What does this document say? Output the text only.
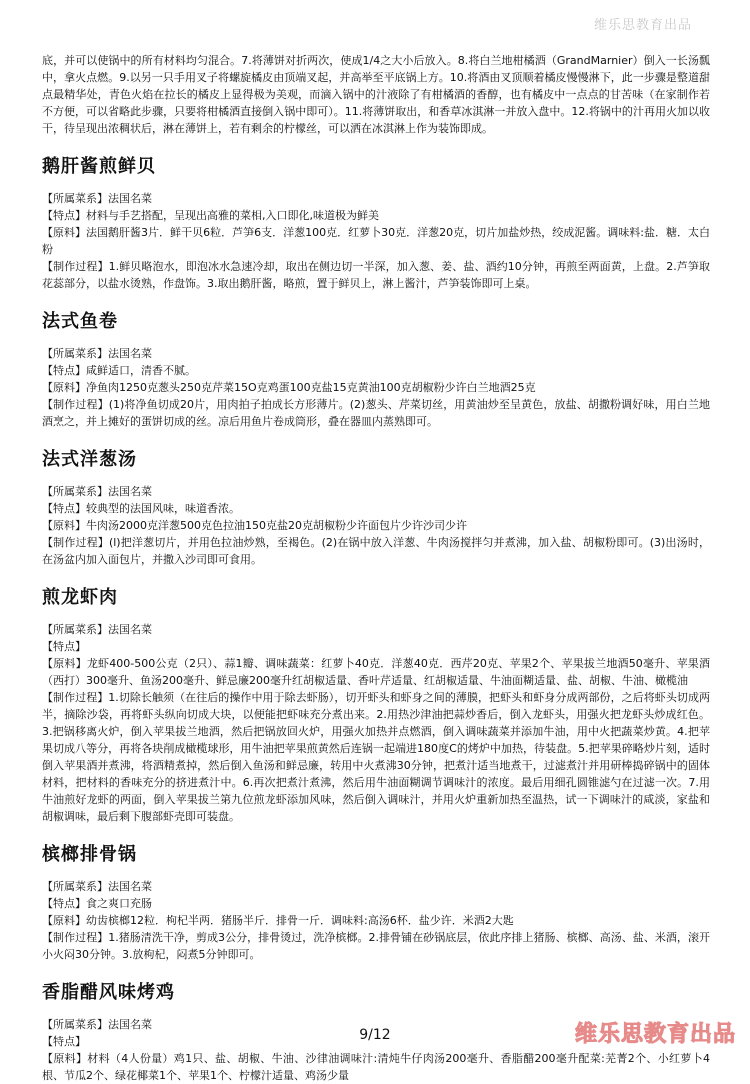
维乐思教育出品

底，并可以使锅中的所有材料均匀混合。7.将薄饼对折两次，使成1/4之大小后放入。8.将白兰地柑橘酒（GrandMarnier）倒入一长汤瓢中，拿火点燃。9.以另一只手用叉子将螺旋橘皮由顶端叉起，并高举至平底锅上方。10.将酒由叉顶顺着橘皮慢慢淋下，此一步骤是整道甜点最精华处，青色火焰在拉长的橘皮上显得极为美观，而滴入锅中的汁液除了有柑橘酒的香醇，也有橘皮中一点点的甘苦味（在家制作若不方便，可以省略此步骤，只要将柑橘酒直接倒入锅中即可）。11.将薄饼取出，和香草冰淇淋一并放入盘中。12.将锅中的汁再用火加以收干，待呈现出浓稠状后，淋在薄饼上，若有剩余的柠檬丝，可以洒在冰淇淋上作为装饰即成。

鹅肝酱煎鲜贝

【所属菜系】法国名菜

【特点】材料与手艺搭配，呈现出高雅的菜相,入口即化,味道极为鲜美

【原料】法国鹅肝酱3片．鲜干贝6粒．芦笋6支．洋葱100克．红萝卜30克．洋葱20克，切片加盐炒热，绞成泥酱。调味料:盐．糖．太白粉

【制作过程】1.鲜贝略泡水，即泡冰水急速冷却，取出在侧边切一半深，加入葱、姜、盐、酒约10分钟，再煎至两面黄，上盘。2.芦笋取花蕊部分，以盐水烫熟，作盘饰。3.取出鹅肝酱，略煎，置于鲜贝上，淋上酱汁，芦笋装饰即可上桌。

法式鱼卷

【所属菜系】法国名菜

【特点】咸鲜适口，清香不腻。

【原料】净鱼肉1250克葱头250克芹菜15O克鸡蛋100克盐15克黄油100克胡椒粉少许白兰地酒25克

【制作过程】(1)将净鱼切成20片，用肉拍子拍成长方形薄片。(2)葱头、芹菜切丝，用黄油炒至呈黄色，放盐、胡撒粉调好味，用白兰地酒烹之，并上摊好的蛋饼切成的丝。凉后用鱼片卷成筒形，叠在器皿内蒸熟即可。

法式洋葱汤

【所属菜系】法国名菜

【特点】较典型的法国风味，味道香浓。

【原料】牛肉汤2000克洋葱500克色拉油150克盐20克胡椒粉少许面包片少许沙司少许

【制作过程】(l)把洋葱切片，并用色拉油炒熟，至褐色。(2)在锅中放入洋葱、牛肉汤搅拌匀并煮沸，加入盐、胡椒粉即可。(3)出汤时，在汤盆内加入面包片，并撒入沙司即可食用。

煎龙虾肉

【所属菜系】法国名菜

【特点】

【原料】龙虾400-500公克（2只）、蒜1瓣、调味蔬菜：红萝卜40克．洋葱40克．西芹20克、苹果2个、苹果拔兰地酒50毫升、苹果酒（西打）300毫升、鱼汤200毫升、鲜忌廉200毫升红胡椒适量、香叶芹适量、红胡椒适量、牛油面糊适量、盐、胡椒、牛油、橄榄油

【制作过程】1.切除长触须（在往后的操作中用于除去虾肠），切开虾头和虾身之间的薄膜，把虾头和虾身分成两部份，之后将虾头切成两半，摘除沙袋，再将虾头纵向切成大块，以便能把虾味充分煮出来。2.用热沙津油把蒜炒香后，倒入龙虾头，用强火把龙虾头炒成红色。3.把锅移离火炉，倒入苹果拔兰地酒，然后把锅放回火炉，用强火加热并点燃酒，倒入调味蔬菜并添加牛油，用中火把蔬菜炒黄。4.把苹果切成八等分，再将各块削成橄榄球形，用牛油把苹果煎黄然后连锅一起端进180度C的烤炉中加热，待装盘。5.把苹果碎略炒片刻，适时倒入苹果酒并煮沸，将酒精煮掉，然后倒入鱼汤和鲜忌廉，转用中火煮沸30分钟，把煮汁适当地煮干，过滤煮汁并用研棒捣碎锅中的固体材料，把材料的香味充分的挤进煮汁中。6.再次把煮汁煮沸，然后用牛油面糊调节调味汁的浓度。最后用细孔圆锥滤勺在过滤一次。7.用牛油煎好龙虾的两面，倒入苹果拔兰第九位煎龙虾添加风味，然后倒入调味汁，并用火炉重新加热至温热，试一下调味汁的咸淡，家盐和胡椒调味，最后剩下腹部虾壳即可装盘。

槟榔排骨锅

【所属菜系】法国名菜

【特点】食之爽口充肠

【原料】幼齿槟榔12粒．枸杞半两．猪肠半斤．排骨一斤．调味料:高汤6杯．盐少许．米酒2大匙

【制作过程】1.猪肠清洗干净，剪成3公分，排骨烫过，洗净槟榔。2.排骨铺在砂锅底层，依此序排上猪肠、槟榔、高汤、盐、米酒，滚开小火闷30分钟。3.放枸杞，闷煮5分钟即可。

香脂醋风味烤鸡

【所属菜系】法国名菜

【特点】

【原料】材料（4人份量）鸡1只、盐、胡椒、牛油、沙律油调味汁:清炖牛仔肉汤200毫升、香脂醋200毫升配菜:芜菁2个、小红萝卜4根、节瓜2个、绿花椰菜1个、苹果1个、柠檬汁适量、鸡汤少量

9/12	维乐思教育出品
